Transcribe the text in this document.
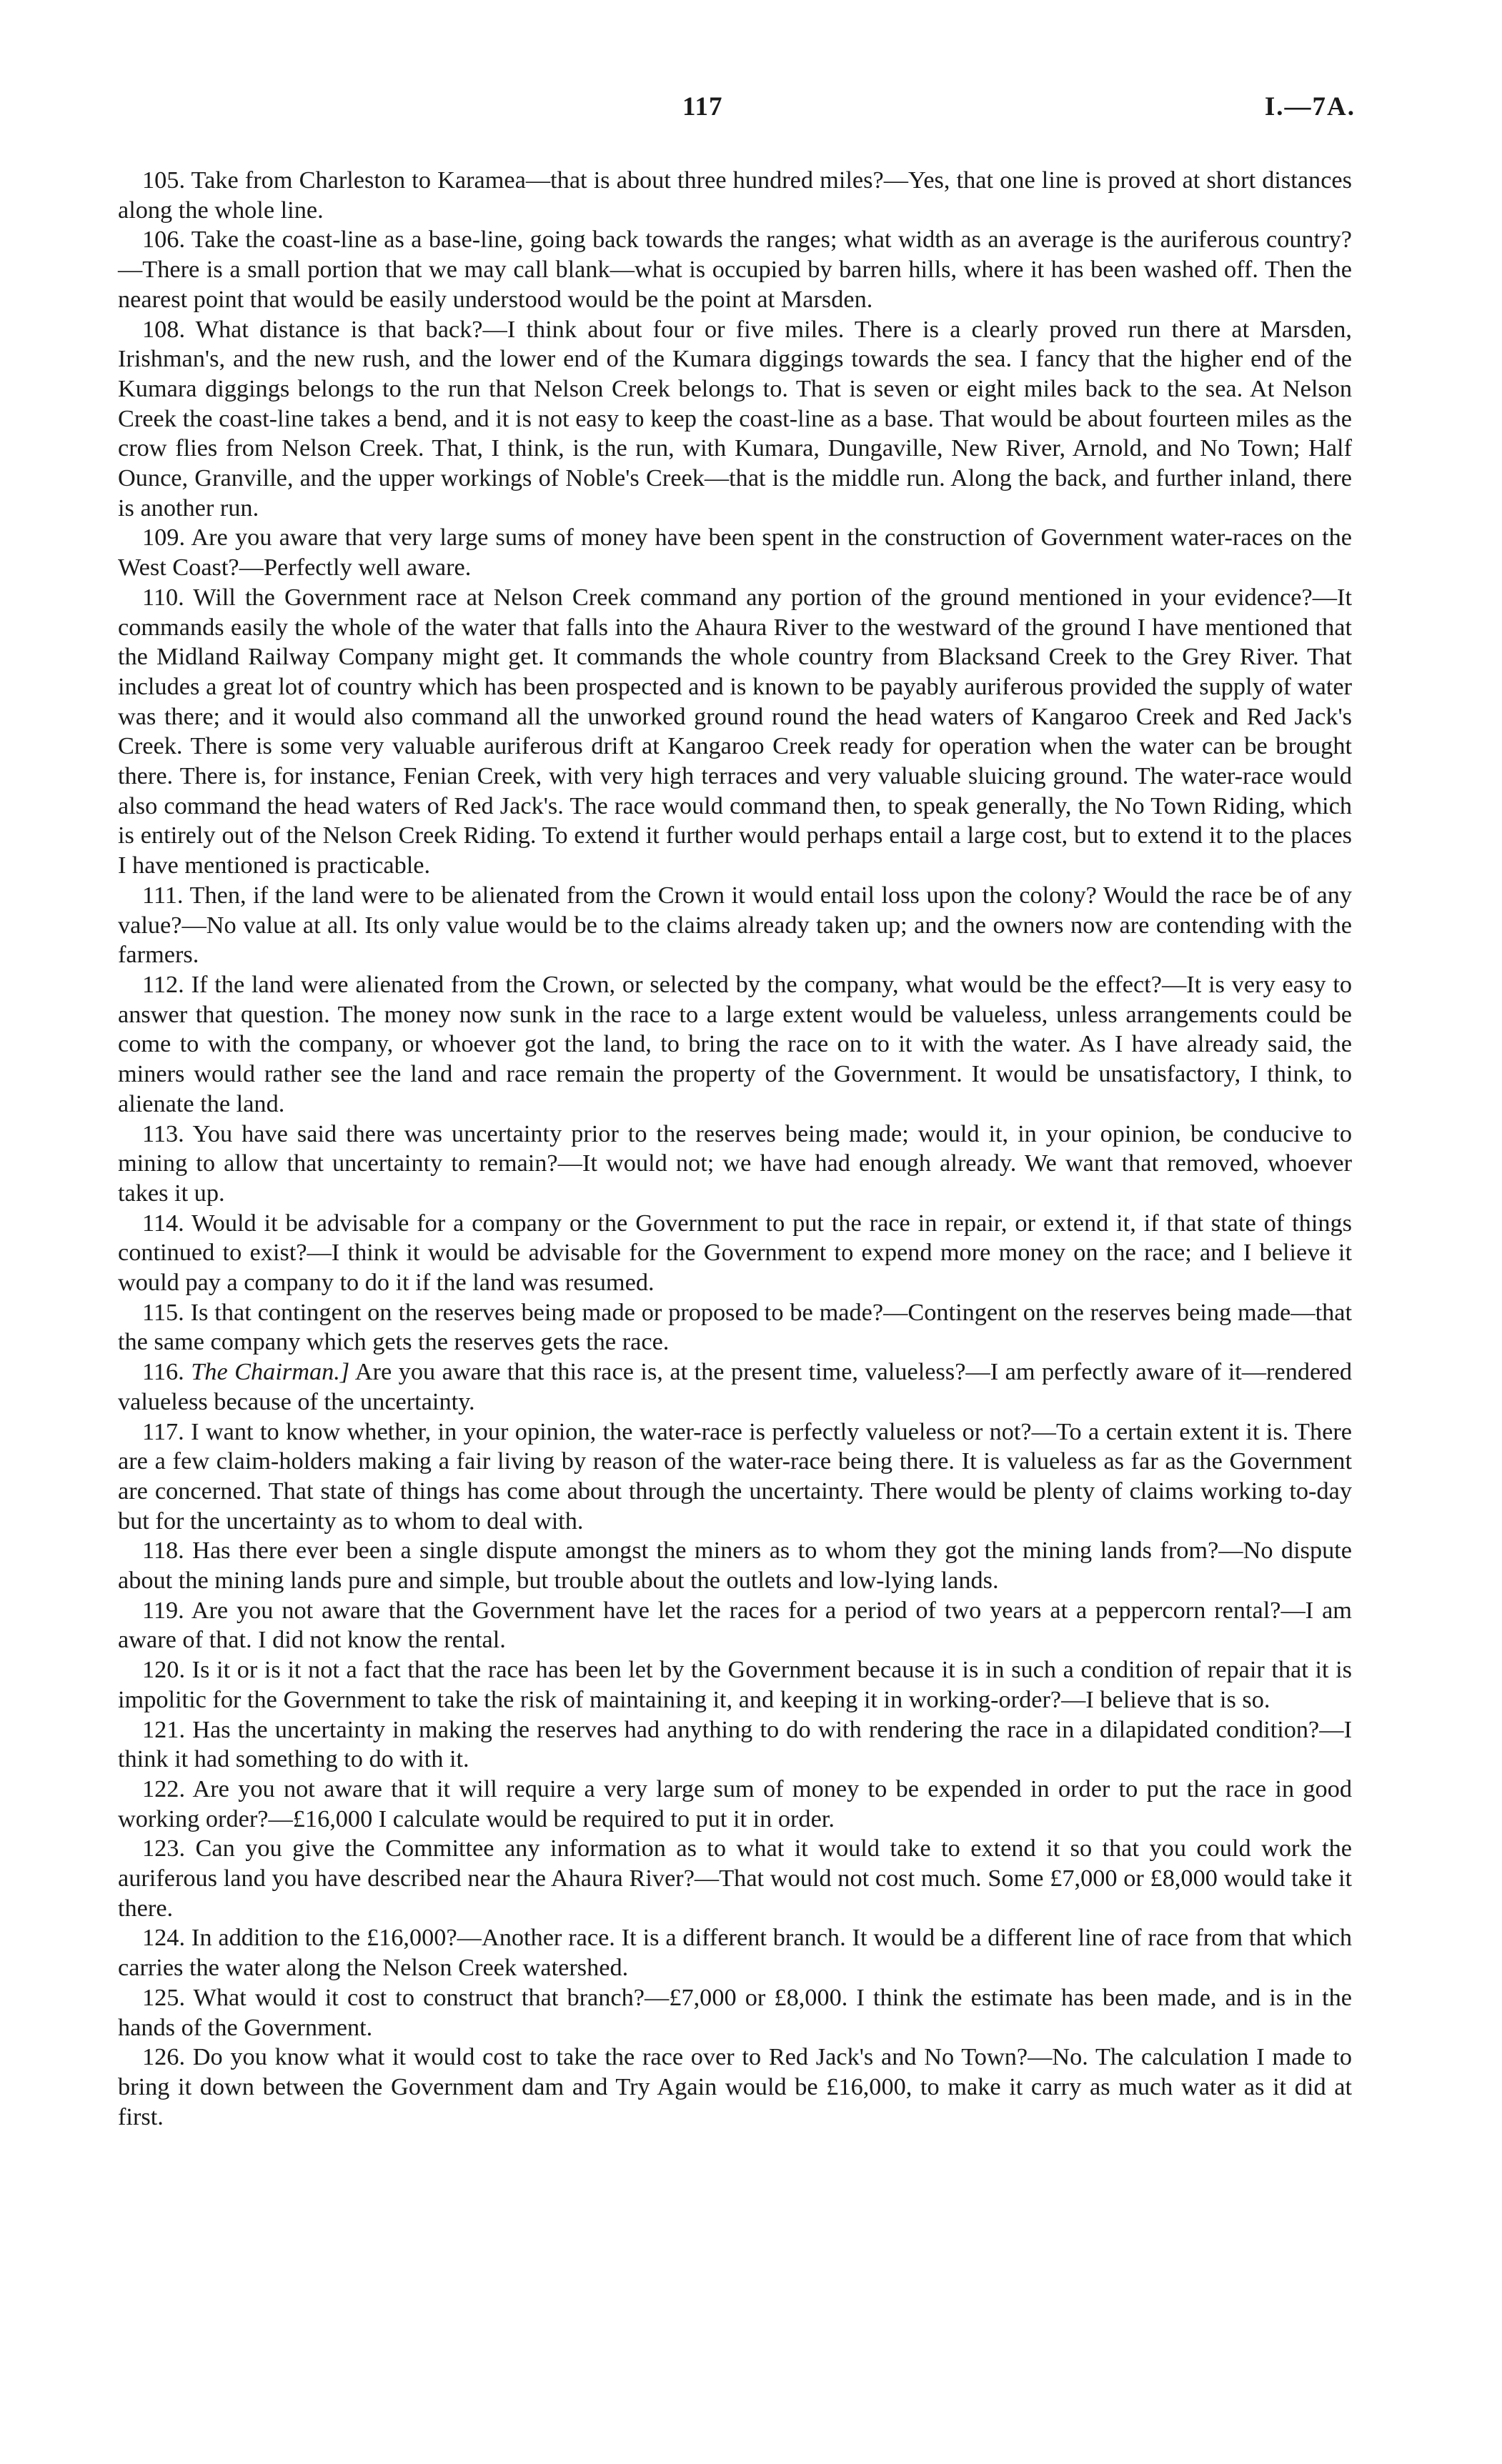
117	I.—7A.

105. Take from Charleston to Karamea—that is about three hundred miles?—Yes, that one line is proved at short distances along the whole line.

106. Take the coast-line as a base-line, going back towards the ranges; what width as an average is the auriferous country?—There is a small portion that we may call blank—what is occupied by barren hills, where it has been washed off. Then the nearest point that would be easily understood would be the point at Marsden.

108. What distance is that back?—I think about four or five miles. There is a clearly proved run there at Marsden, Irishman's, and the new rush, and the lower end of the Kumara diggings towards the sea. I fancy that the higher end of the Kumara diggings belongs to the run that Nelson Creek belongs to. That is seven or eight miles back to the sea. At Nelson Creek the coast-line takes a bend, and it is not easy to keep the coast-line as a base. That would be about fourteen miles as the crow flies from Nelson Creek. That, I think, is the run, with Kumara, Dungaville, New River, Arnold, and No Town; Half Ounce, Granville, and the upper workings of Noble's Creek—that is the middle run. Along the back, and further inland, there is another run.

109. Are you aware that very large sums of money have been spent in the construction of Government water-races on the West Coast?—Perfectly well aware.

110. Will the Government race at Nelson Creek command any portion of the ground mentioned in your evidence?—It commands easily the whole of the water that falls into the Ahaura River to the westward of the ground I have mentioned that the Midland Railway Company might get. It commands the whole country from Blacksand Creek to the Grey River. That includes a great lot of country which has been prospected and is known to be payably auriferous provided the supply of water was there; and it would also command all the unworked ground round the head waters of Kangaroo Creek and Red Jack's Creek. There is some very valuable auriferous drift at Kangaroo Creek ready for operation when the water can be brought there. There is, for instance, Fenian Creek, with very high terraces and very valuable sluicing ground. The water-race would also command the head waters of Red Jack's. The race would command then, to speak generally, the No Town Riding, which is entirely out of the Nelson Creek Riding. To extend it further would perhaps entail a large cost, but to extend it to the places I have mentioned is practicable.

111. Then, if the land were to be alienated from the Crown it would entail loss upon the colony? Would the race be of any value?—No value at all. Its only value would be to the claims already taken up; and the owners now are contending with the farmers.

112. If the land were alienated from the Crown, or selected by the company, what would be the effect?—It is very easy to answer that question. The money now sunk in the race to a large extent would be valueless, unless arrangements could be come to with the company, or whoever got the land, to bring the race on to it with the water. As I have already said, the miners would rather see the land and race remain the property of the Government. It would be unsatisfactory, I think, to alienate the land.

113. You have said there was uncertainty prior to the reserves being made; would it, in your opinion, be conducive to mining to allow that uncertainty to remain?—It would not; we have had enough already. We want that removed, whoever takes it up.

114. Would it be advisable for a company or the Government to put the race in repair, or extend it, if that state of things continued to exist?—I think it would be advisable for the Government to expend more money on the race; and I believe it would pay a company to do it if the land was resumed.

115. Is that contingent on the reserves being made or proposed to be made?—Contingent on the reserves being made—that the same company which gets the reserves gets the race.

116. The Chairman.] Are you aware that this race is, at the present time, valueless?—I am perfectly aware of it—rendered valueless because of the uncertainty.

117. I want to know whether, in your opinion, the water-race is perfectly valueless or not?—To a certain extent it is. There are a few claim-holders making a fair living by reason of the water-race being there. It is valueless as far as the Government are concerned. That state of things has come about through the uncertainty. There would be plenty of claims working to-day but for the uncertainty as to whom to deal with.

118. Has there ever been a single dispute amongst the miners as to whom they got the mining lands from?—No dispute about the mining lands pure and simple, but trouble about the outlets and low-lying lands.

119. Are you not aware that the Government have let the races for a period of two years at a peppercorn rental?—I am aware of that. I did not know the rental.

120. Is it or is it not a fact that the race has been let by the Government because it is in such a condition of repair that it is impolitic for the Government to take the risk of maintaining it, and keeping it in working-order?—I believe that is so.

121. Has the uncertainty in making the reserves had anything to do with rendering the race in a dilapidated condition?—I think it had something to do with it.

122. Are you not aware that it will require a very large sum of money to be expended in order to put the race in good working order?—£16,000 I calculate would be required to put it in order.

123. Can you give the Committee any information as to what it would take to extend it so that you could work the auriferous land you have described near the Ahaura River?—That would not cost much. Some £7,000 or £8,000 would take it there.

124. In addition to the £16,000?—Another race. It is a different branch. It would be a different line of race from that which carries the water along the Nelson Creek watershed.

125. What would it cost to construct that branch?—£7,000 or £8,000. I think the estimate has been made, and is in the hands of the Government.

126. Do you know what it would cost to take the race over to Red Jack's and No Town?—No. The calculation I made to bring it down between the Government dam and Try Again would be £16,000, to make it carry as much water as it did at first.
